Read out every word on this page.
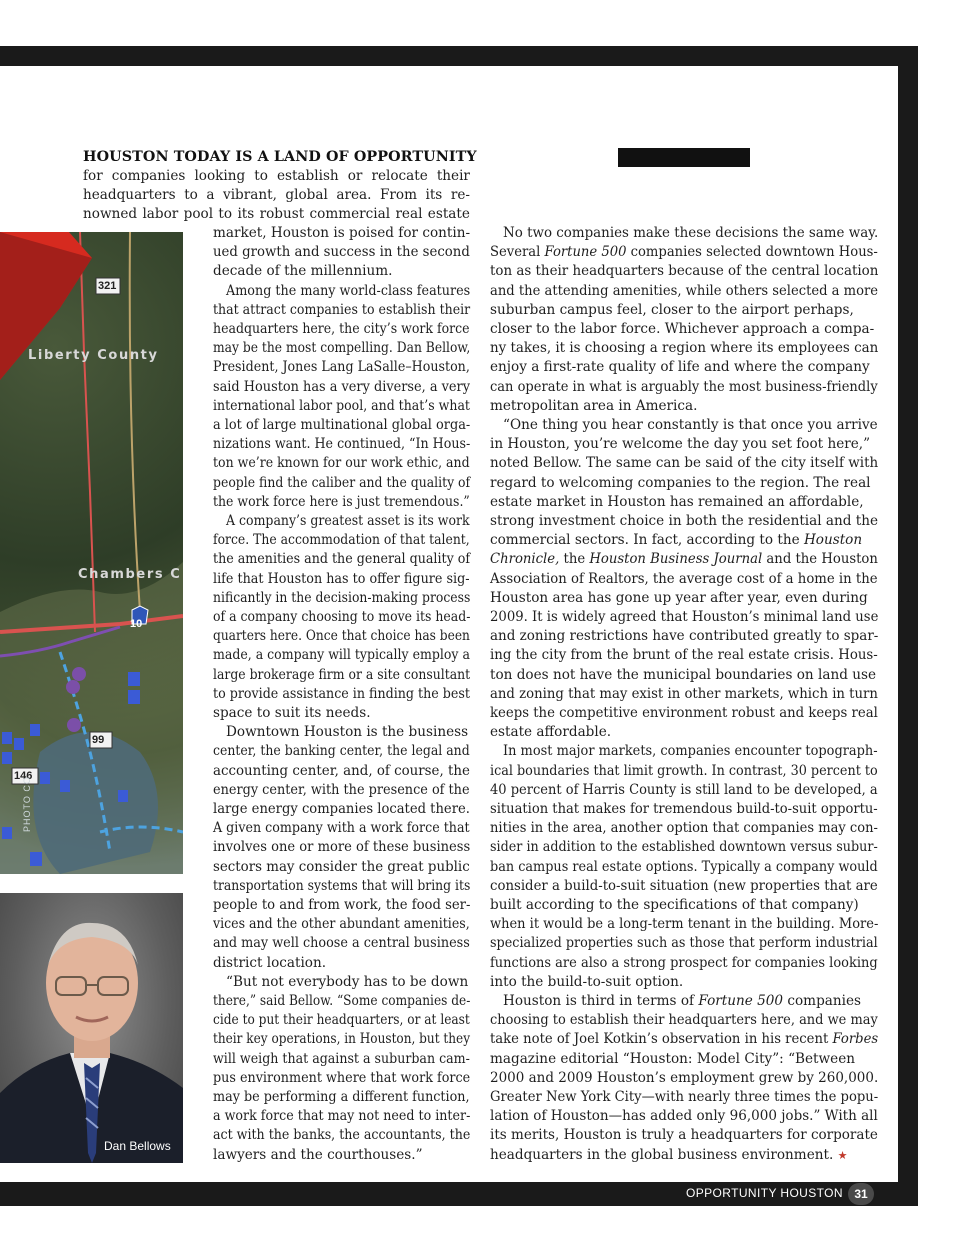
OPPORTUNITY HOUSTON 31
321
Liberty County
Chambers C
10
99
146
PHOTO CO
Dan Bellows
HOUSTON TODAY IS A LAND OF OPPORTUNITY
for companies looking to establish or relocate their
headquarters to a vibrant, global area. From its re-
nowned labor pool to its robust commercial real estate
market, Houston is poised for contin-
ued growth and success in the second
decade of the millennium.
Among the many world-class features
that attract companies to establish their
headquarters here, the city’s work force
may be the most compelling. Dan Bellow,
President, Jones Lang LaSalle–Houston,
said Houston has a very diverse, a very
international labor pool, and that’s what
a lot of large multinational global orga-
nizations want. He continued, “In Hous-
ton we’re known for our work ethic, and
people find the caliber and the quality of
the work force here is just tremendous.”
A company’s greatest asset is its work
force. The accommodation of that talent,
the amenities and the general quality of
life that Houston has to offer figure sig-
nificantly in the decision-making process
of a company choosing to move its head-
quarters here. Once that choice has been
made, a company will typically employ a
large brokerage firm or a site consultant
to provide assistance in finding the best
space to suit its needs.
Downtown Houston is the business
center, the banking center, the legal and
accounting center, and, of course, the
energy center, with the presence of the
large energy companies located there.
A given company with a work force that
involves one or more of these business
sectors may consider the great public
transportation systems that will bring its
people to and from work, the food ser-
vices and the other abundant amenities,
and may well choose a central business
district location.
“But not everybody has to be down
there,” said Bellow. “Some companies de-
cide to put their headquarters, or at least
their key operations, in Houston, but they
will weigh that against a suburban cam-
pus environment where that work force
may be performing a different function,
a work force that may not need to inter-
act with the banks, the accountants, the
lawyers and the courthouses.”
No two companies make these decisions the same way.
Several Fortune 500 companies selected downtown Hous-
ton as their headquarters because of the central location
and the attending amenities, while others selected a more
suburban campus feel, closer to the airport perhaps,
closer to the labor force. Whichever approach a compa-
ny takes, it is choosing a region where its employees can
enjoy a first-rate quality of life and where the company
can operate in what is arguably the most business-friendly
metropolitan area in America.
“One thing you hear constantly is that once you arrive
in Houston, you’re welcome the day you set foot here,”
noted Bellow. The same can be said of the city itself with
regard to welcoming companies to the region. The real
estate market in Houston has remained an affordable,
strong investment choice in both the residential and the
commercial sectors. In fact, according to the Houston
Chronicle, the Houston Business Journal and the Houston
Association of Realtors, the average cost of a home in the
Houston area has gone up year after year, even during
2009. It is widely agreed that Houston’s minimal land use
and zoning restrictions have contributed greatly to spar-
ing the city from the brunt of the real estate crisis. Hous-
ton does not have the municipal boundaries on land use
and zoning that may exist in other markets, which in turn
keeps the competitive environment robust and keeps real
estate affordable.
In most major markets, companies encounter topograph-
ical boundaries that limit growth. In contrast, 30 percent to
40 percent of Harris County is still land to be developed, a
situation that makes for tremendous build-to-suit opportu-
nities in the area, another option that companies may con-
sider in addition to the established downtown versus subur-
ban campus real estate options. Typically a company would
consider a build-to-suit situation (new properties that are
built according to the specifications of that company)
when it would be a long-term tenant in the building. More-
specialized properties such as those that perform industrial
functions are also a strong prospect for companies looking
into the build-to-suit option.
Houston is third in terms of Fortune 500 companies
choosing to establish their headquarters here, and we may
take note of Joel Kotkin’s observation in his recent Forbes
magazine editorial “Houston: Model City”: “Between
2000 and 2009 Houston’s employment grew by 260,000.
Greater New York City—with nearly three times the popu-
lation of Houston—has added only 96,000 jobs.” With all
its merits, Houston is truly a headquarters for corporate
headquarters in the global business environment. ★
